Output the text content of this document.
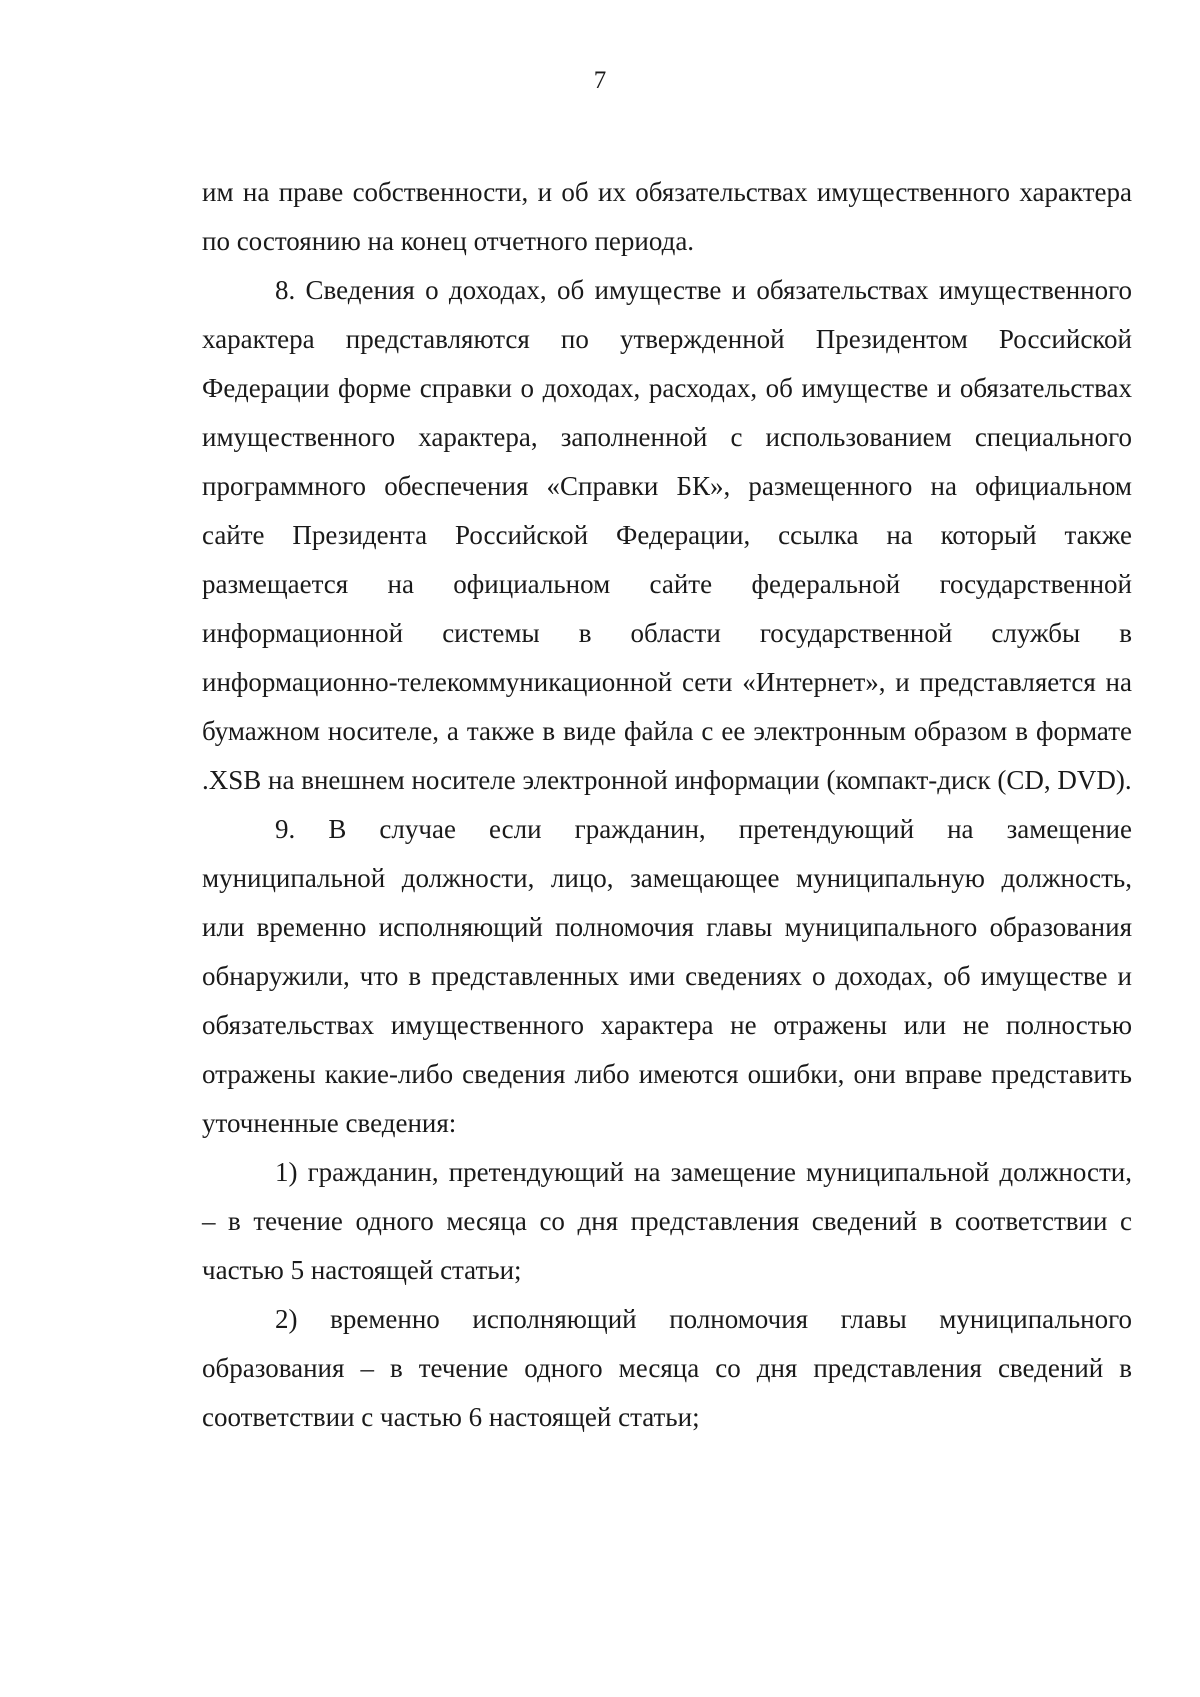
7

им на праве собственности, и об их обязательствах имущественного характера по состоянию на конец отчетного периода.

8. Сведения о доходах, об имуществе и обязательствах имущественного характера представляются по утвержденной Президентом Российской Федерации форме справки о доходах, расходах, об имуществе и обязательствах имущественного характера, заполненной с использованием специального программного обеспечения «Справки БК», размещенного на официальном сайте Президента Российской Федерации, ссылка на который также размещается на официальном сайте федеральной государственной информационной системы в области государственной службы в информационно-телекоммуникационной сети «Интернет», и представляется на бумажном носителе, а также в виде файла с ее электронным образом в формате .XSB на внешнем носителе электронной информации (компакт-диск (CD, DVD).

9. В случае если гражданин, претендующий на замещение муниципальной должности, лицо, замещающее муниципальную должность, или временно исполняющий полномочия главы муниципального образования обнаружили, что в представленных ими сведениях о доходах, об имуществе и обязательствах имущественного характера не отражены или не полностью отражены какие-либо сведения либо имеются ошибки, они вправе представить уточненные сведения:

1) гражданин, претендующий на замещение муниципальной должности, – в течение одного месяца со дня представления сведений в соответствии с частью 5 настоящей статьи;

2) временно исполняющий полномочия главы муниципального образования – в течение одного месяца со дня представления сведений в соответствии с частью 6 настоящей статьи;
